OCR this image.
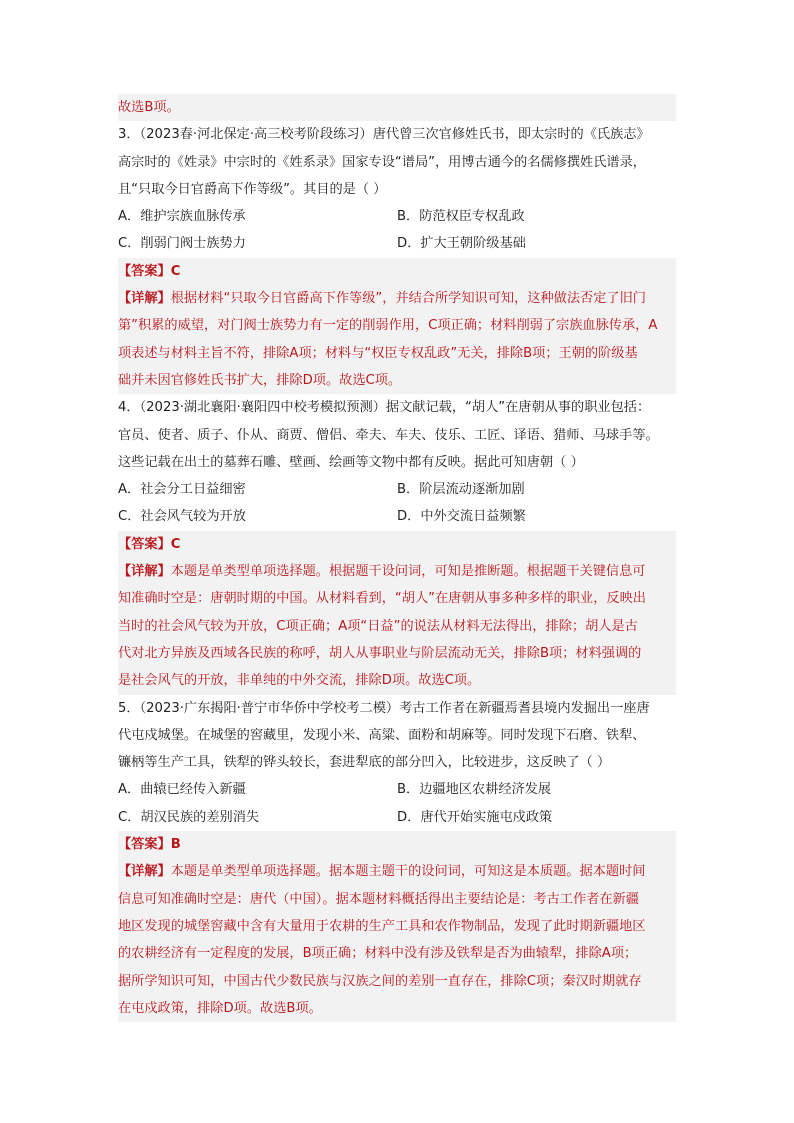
故选B项。
3．（2023春·河北保定·高三校考阶段练习）唐代曾三次官修姓氏书，即太宗时的《氏族志》
高宗时的《姓录》中宗时的《姓系录》国家专设“谱局”，用博古通今的名儒修撰姓氏谱录，
且“只取今日官爵高下作等级”。其目的是（ ）
A．维护宗族血脉传承	B．防范权臣专权乱政
C．削弱门阀士族势力	D．扩大王朝阶级基础
【答案】C
【详解】根据材料“只取今日官爵高下作等级”，并结合所学知识可知，这种做法否定了旧门
第”积累的威望，对门阀士族势力有一定的削弱作用，C项正确；材料削弱了宗族血脉传承，A
项表述与材料主旨不符，排除A项；材料与“权臣专权乱政”无关，排除B项；王朝的阶级基
础并未因官修姓氏书扩大，排除D项。故选C项。
4．（2023·湖北襄阳·襄阳四中校考模拟预测）据文献记载，“胡人”在唐朝从事的职业包括：
官员、使者、质子、仆从、商贾、僧侣、牵夫、车夫、伎乐、工匠、译语、猎师、马球手等。
这些记载在出土的墓葬石雕、壁画、绘画等文物中都有反映。据此可知唐朝（ ）
A．社会分工日益细密	B．阶层流动逐渐加剧
C．社会风气较为开放	D．中外交流日益频繁
【答案】C
【详解】本题是单类型单项选择题。根据题干设问词，可知是推断题。根据题干关键信息可
知准确时空是：唐朝时期的中国。从材料看到，“胡人”在唐朝从事多种多样的职业，反映出
当时的社会风气较为开放，C项正确；A项“日益”的说法从材料无法得出，排除；胡人是古
代对北方异族及西域各民族的称呼，胡人从事职业与阶层流动无关，排除B项；材料强调的
是社会风气的开放，非单纯的中外交流，排除D项。故选C项。
5．（2023·广东揭阳·普宁市华侨中学校考二模）考古工作者在新疆焉耆县境内发掘出一座唐
代屯戍城堡。在城堡的窖藏里，发现小米、高粱、面粉和胡麻等。同时发现下石磨、铁犁、
镰柄等生产工具，铁犁的铧头较长，套进犁底的部分凹入，比较进步，这反映了（ ）
A．曲辕已经传入新疆	B．边疆地区农耕经济发展
C．胡汉民族的差别消失	D．唐代开始实施屯戍政策
【答案】B
【详解】本题是单类型单项选择题。据本题主题干的设问词，可知这是本质题。据本题时间
信息可知准确时空是：唐代（中国）。据本题材料概括得出主要结论是：考古工作者在新疆
地区发现的城堡窖藏中含有大量用于农耕的生产工具和农作物制品，发现了此时期新疆地区
的农耕经济有一定程度的发展，B项正确；材料中没有涉及铁犁是否为曲辕犁，排除A项；
据所学知识可知，中国古代少数民族与汉族之间的差别一直存在，排除C项；秦汉时期就存
在屯戍政策，排除D项。故选B项。
